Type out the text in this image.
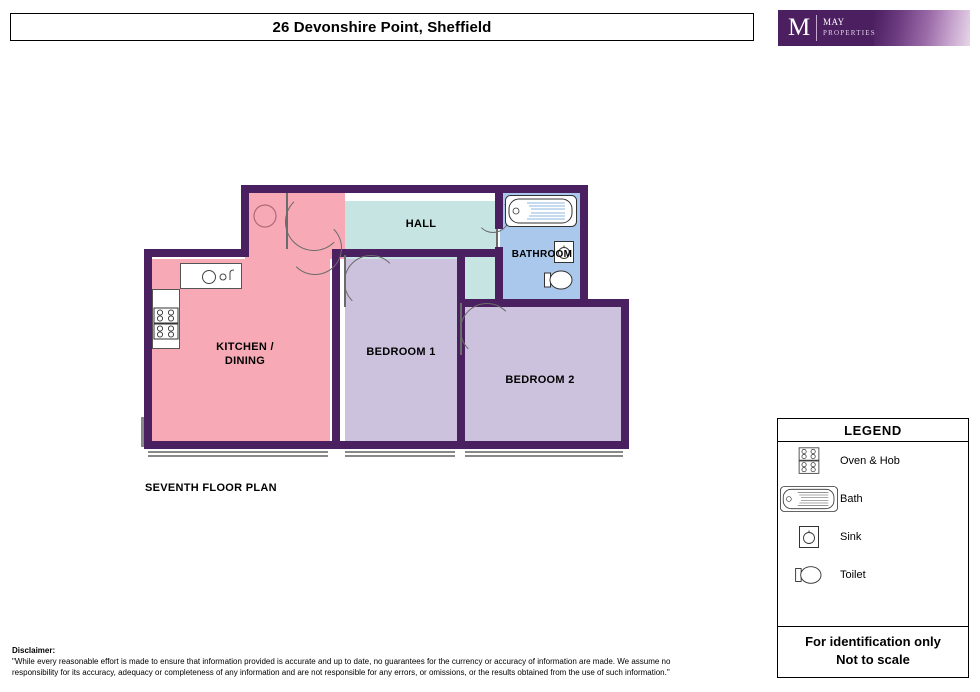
26 Devonshire Point, Sheffield	M MAY
PROPERTIES
HALL
BATHROOM
KITCHEN /
DINING
BEDROOM 1
BEDROOM 2
SEVENTH FLOOR PLAN
LEGEND
Oven & Hob
Bath
Sink
Toilet
For identification only
Not to scale
Disclaimer:
"While every reasonable effort is made to ensure that information provided is accurate and up to date, no guarantees for the currency or accuracy of information are made. We assume no
responsibility for its accuracy, adequacy or completeness of any information and are not responsible for any errors, or omissions, or the results obtained from the use of such information."
